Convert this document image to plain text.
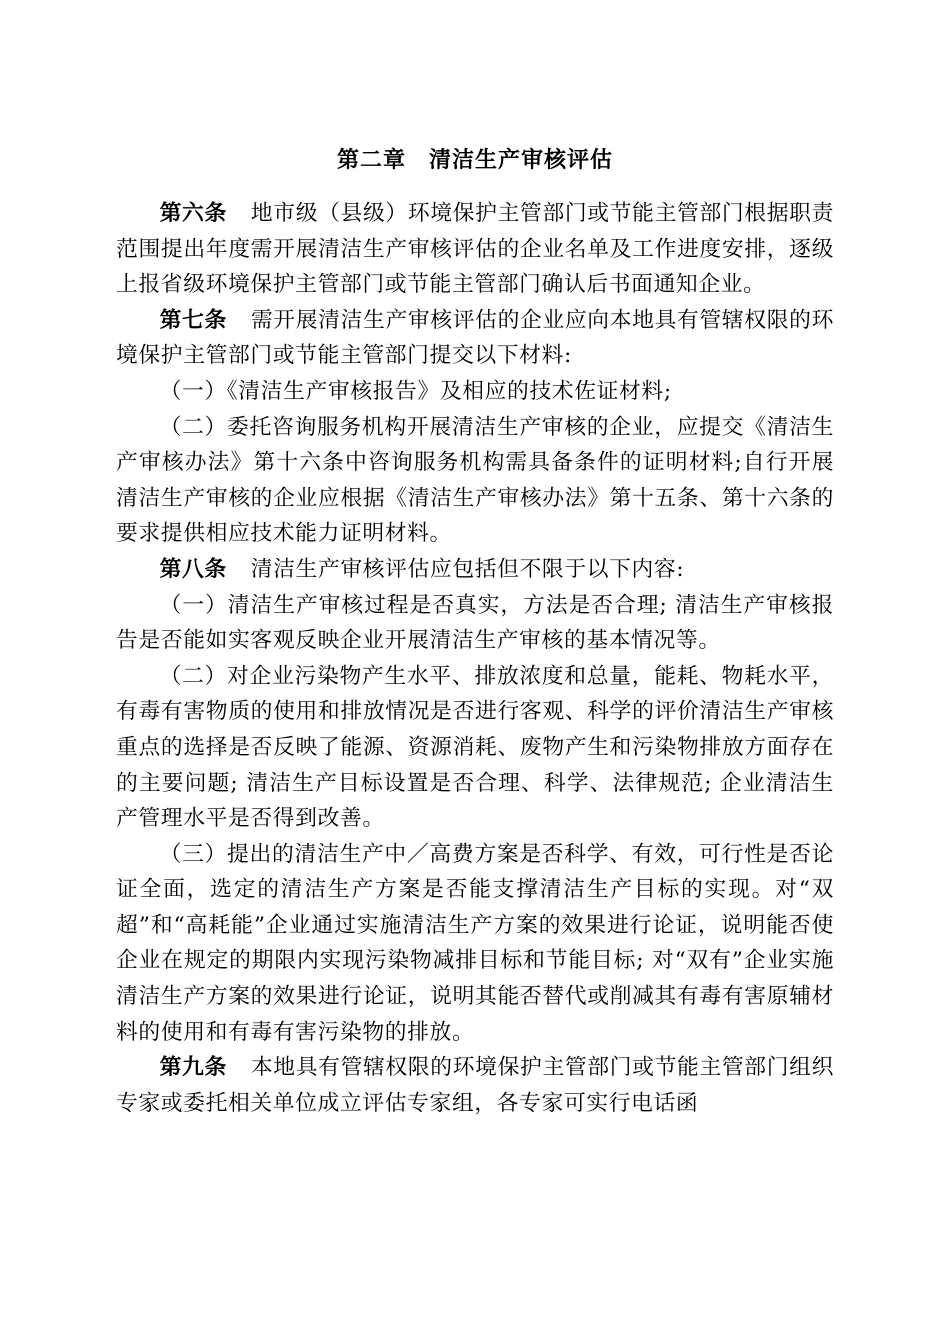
第二章　清洁生产审核评估

第六条 地市级（县级）环境保护主管部门或节能主管部门根据职责范围提出年度需开展清洁生产审核评估的企业名单及工作进度安排，逐级上报省级环境保护主管部门或节能主管部门确认后书面通知企业。

第七条 需开展清洁生产审核评估的企业应向本地具有管辖权限的环境保护主管部门或节能主管部门提交以下材料:

（一）《清洁生产审核报告》及相应的技术佐证材料;

（二）委托咨询服务机构开展清洁生产审核的企业，应提交《清洁生产审核办法》第十六条中咨询服务机构需具备条件的证明材料;自行开展清洁生产审核的企业应根据《清洁生产审核办法》第十五条、第十六条的要求提供相应技术能力证明材料。

第八条 清洁生产审核评估应包括但不限于以下内容:

（一）清洁生产审核过程是否真实，方法是否合理; 清洁生产审核报告是否能如实客观反映企业开展清洁生产审核的基本情况等。

（二）对企业污染物产生水平、排放浓度和总量，能耗、物耗水平，有毒有害物质的使用和排放情况是否进行客观、科学的评价清洁生产审核重点的选择是否反映了能源、资源消耗、废物产生和污染物排放方面存在的主要问题; 清洁生产目标设置是否合理、科学、法律规范; 企业清洁生产管理水平是否得到改善。

（三）提出的清洁生产中／高费方案是否科学、有效，可行性是否论证全面，选定的清洁生产方案是否能支撑清洁生产目标的实现。对“双超”和“高耗能”企业通过实施清洁生产方案的效果进行论证，说明能否使企业在规定的期限内实现污染物减排目标和节能目标; 对“双有”企业实施清洁生产方案的效果进行论证，说明其能否替代或削减其有毒有害原辅材料的使用和有毒有害污染物的排放。

第九条 本地具有管辖权限的环境保护主管部门或节能主管部门组织专家或委托相关单位成立评估专家组，各专家可实行电话函
